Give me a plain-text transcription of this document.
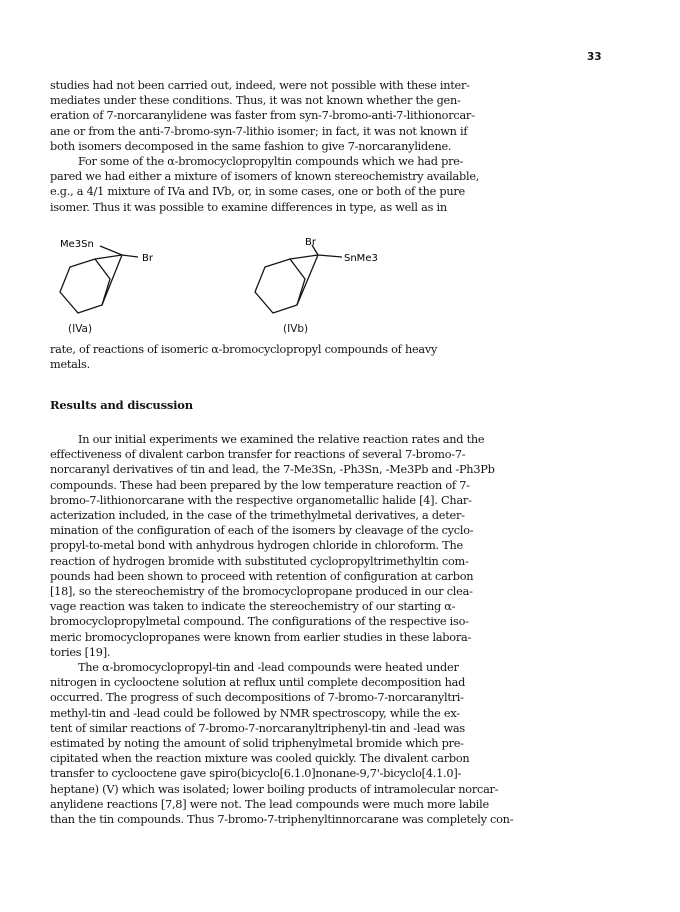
33

studies had not been carried out, indeed, were not possible with these inter-

mediates under these conditions. Thus, it was not known whether the gen-

eration of 7-norcaranylidene was faster from syn-7-bromo-anti-7-lithionorcar-

ane or from the anti-7-bromo-syn-7-lithio isomer; in fact, it was not known if

both isomers decomposed in the same fashion to give 7-norcaranylidene.

For some of the α-bromocyclopropyltin compounds which we had pre-

pared we had either a mixture of isomers of known stereochemistry available,

e.g., a 4/1 mixture of IVa and IVb, or, in some cases, one or both of the pure

isomer. Thus it was possible to examine differences in type, as well as in

Me3Sn
Br
Br
SnMe3
(IVa)	(IVb)

rate, of reactions of isomeric α-bromocyclopropyl compounds of heavy

metals.

Results and discussion

In our initial experiments we examined the relative reaction rates and the

effectiveness of divalent carbon transfer for reactions of several 7-bromo-7-

norcaranyl derivatives of tin and lead, the 7-Me3Sn, -Ph3Sn, -Me3Pb and -Ph3Pb

compounds. These had been prepared by the low temperature reaction of 7-

bromo-7-lithionorcarane with the respective organometallic halide [4]. Char-

acterization included, in the case of the trimethylmetal derivatives, a deter-

mination of the configuration of each of the isomers by cleavage of the cyclo-

propyl-to-metal bond with anhydrous hydrogen chloride in chloroform. The

reaction of hydrogen bromide with substituted cyclopropyltrimethyltin com-

pounds had been shown to proceed with retention of configuration at carbon

[18], so the stereochemistry of the bromocyclopropane produced in our clea-

vage reaction was taken to indicate the stereochemistry of our starting α-

bromocyclopropylmetal compound. The configurations of the respective iso-

meric bromocyclopropanes were known from earlier studies in these labora-

tories [19].

The α-bromocyclopropyl-tin and -lead compounds were heated under

nitrogen in cyclooctene solution at reflux until complete decomposition had

occurred. The progress of such decompositions of 7-bromo-7-norcaranyltri-

methyl-tin and -lead could be followed by NMR spectroscopy, while the ex-

tent of similar reactions of 7-bromo-7-norcaranyltriphenyl-tin and -lead was

estimated by noting the amount of solid triphenylmetal bromide which pre-

cipitated when the reaction mixture was cooled quickly. The divalent carbon

transfer to cyclooctene gave spiro(bicyclo[6.1.0]nonane-9,7'-bicyclo[4.1.0]-

heptane) (V) which was isolated; lower boiling products of intramolecular norcar-

anylidene reactions [7,8] were not. The lead compounds were much more labile

than the tin compounds. Thus 7-bromo-7-triphenyltinnorcarane was completely con-
